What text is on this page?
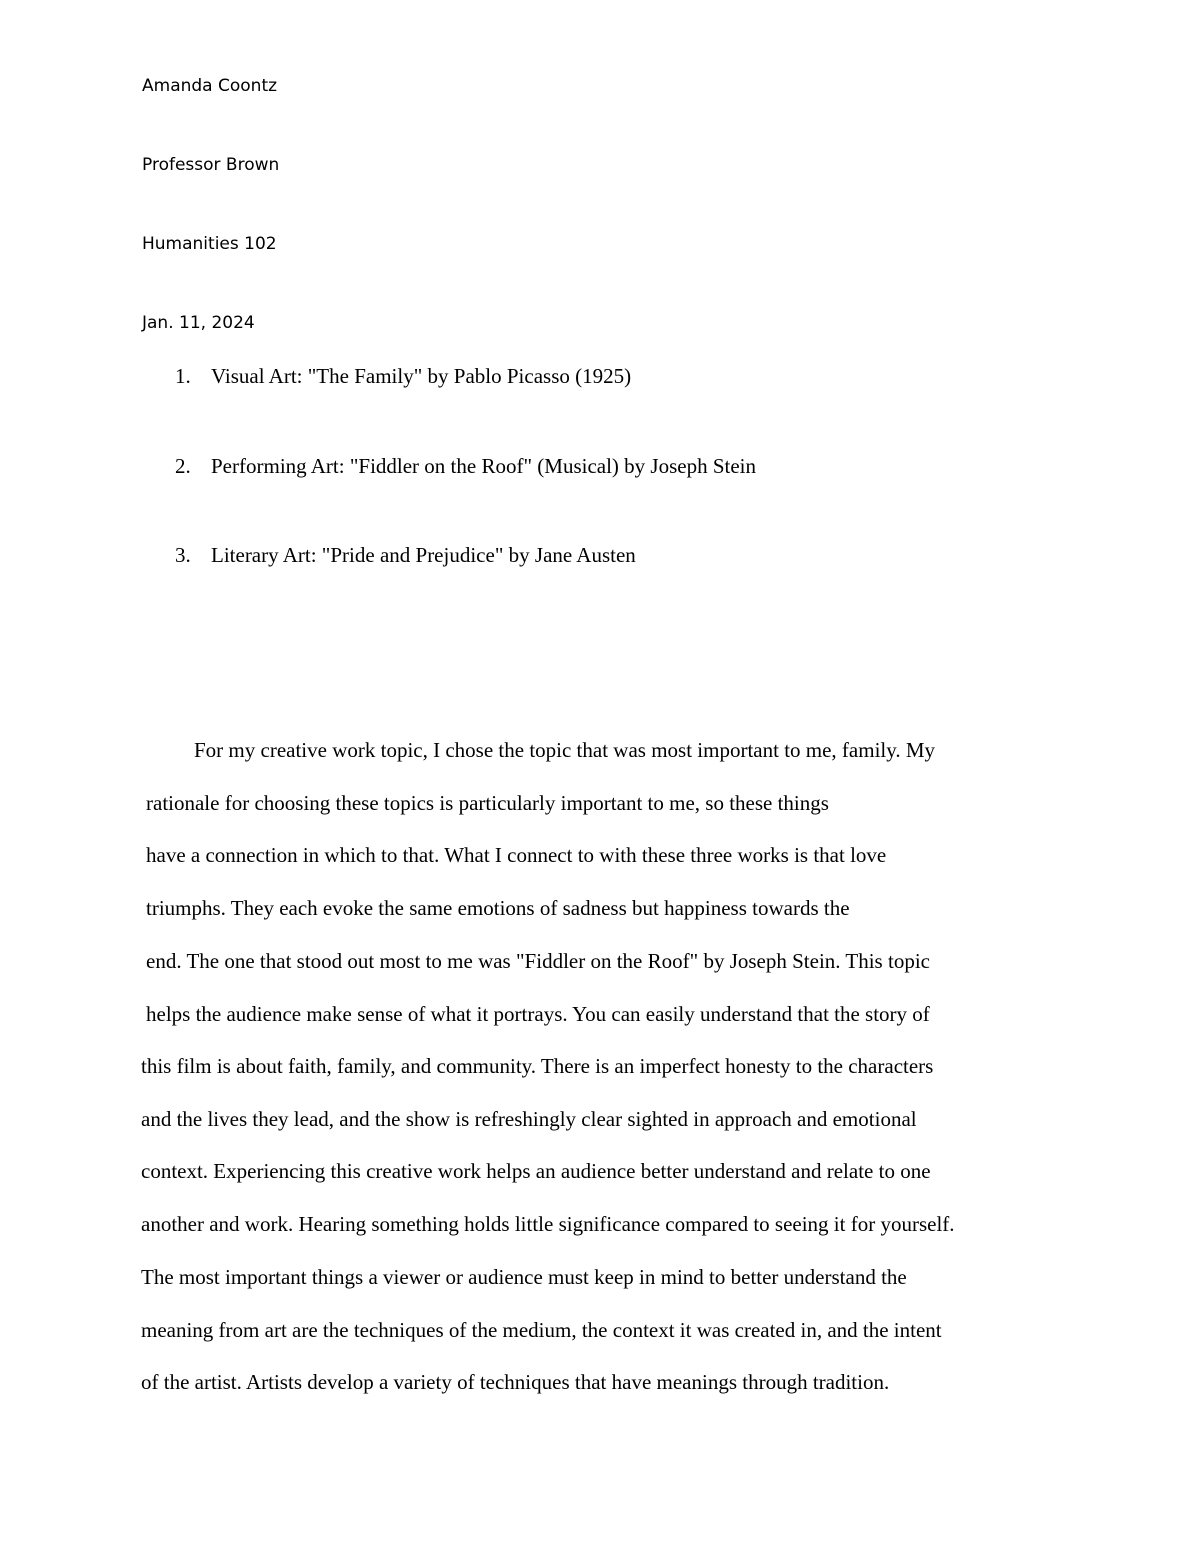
Amanda Coontz
Professor Brown
Humanities 102
Jan. 11, 2024
1. Visual Art: "The Family" by Pablo Picasso (1925)
2. Performing Art: "Fiddler on the Roof" (Musical) by Joseph Stein
3. Literary Art: "Pride and Prejudice" by Jane Austen
For my creative work topic, I chose the topic that was most important to me, family. My
rationale for choosing these topics is particularly important to me, so these things
have a connection in which to that. What I connect to with these three works is that love
triumphs. They each evoke the same emotions of sadness but happiness towards the
end. The one that stood out most to me was "Fiddler on the Roof" by Joseph Stein. This topic
helps the audience make sense of what it portrays. You can easily understand that the story of
this film is about faith, family, and community. There is an imperfect honesty to the characters
and the lives they lead, and the show is refreshingly clear sighted in approach and emotional
context. Experiencing this creative work helps an audience better understand and relate to one
another and work. Hearing something holds little significance compared to seeing it for yourself.
The most important things a viewer or audience must keep in mind to better understand the
meaning from art are the techniques of the medium, the context it was created in, and the intent
of the artist. Artists develop a variety of techniques that have meanings through tradition.
